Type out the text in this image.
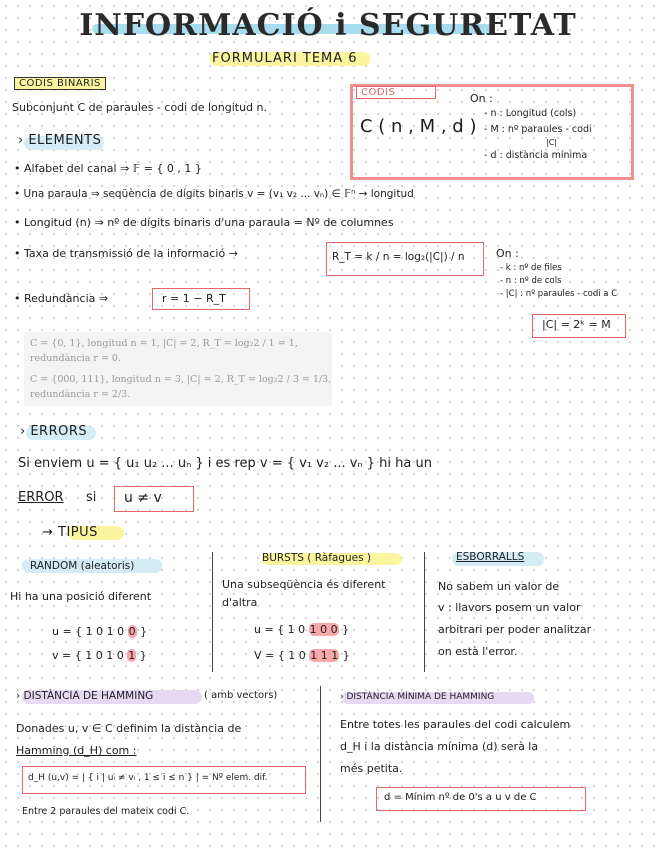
INFORMACIÓ i SEGURETAT
FORMULARI TEMA 6
CODIS BINARIS
Subconjunt C de paraules - codi de longitud n.
CODIS
C ( n , M , d )
On :
- n : Longitud (cols)
- M : nº paraules - codi
|C|
- d : distància mínima
› ELEMENTS
• Alfabet del canal ⇒ 𝔽 = { 0 , 1 }
• Una paraula ⇒ seqüència de dígits binaris v = (v₁ v₂ ... vₙ) ∈ 𝔽ⁿ → longitud
• Longitud (n) ⇒ nº de dígits binaris d'una paraula = Nº de columnes
• Taxa de transmissió de la informació →	R_T = k / n = log₂(|C|) / n
• Redundància ⇒	r = 1 − R_T
On :
- k : nº de files
- n : nº de cols
- |C| : nº paraules - codi a C
|C| = 2ᵏ = M
C = {0, 1}, longitud n = 1, |C| = 2, R_T = log₂2 / 1 = 1,
redundància r = 0.
C = {000, 111}, longitud n = 3, |C| = 2, R_T = log₂2 / 3 = 1/3,
redundància r = 2/3.
› ERRORS
Si enviem u = { u₁ u₂ ... uₙ } i es rep v = { v₁ v₂ ... vₙ } hi ha un
ERROR si u ≠ v
→ TIPUS
RANDOM (aleatoris)
Hi ha una posició diferent
u = { 1 0 1 0 0 }
v = { 1 0 1 0 1 }
BURSTS ( Ràfagues )
Una subseqüència és diferent
d'altra
u = { 1 0 1 0 0 }
V = { 1 0 1 1 1 }
ESBORRALLS
No sabem un valor de
v : llavors posem un valor
arbitrari per poder analitzar
on està l'error.
› DISTÀNCIA DE HAMMING	( amb vectors)
Donades u, v ∈ C definim la distància de
Hamming (d_H) com :
d_H (u,v) = | { i | uᵢ ≠ vᵢ , 1 ≤ i ≤ n } | = Nº elem. dif.
Entre 2 paraules del mateix codi C.
› DISTÀNCIA MÍNIMA DE HAMMING
Entre totes les paraules del codi calculem
d_H i la distància mínima (d) serà la
més petita.
d = Mínim nº de 0's a u v de C
